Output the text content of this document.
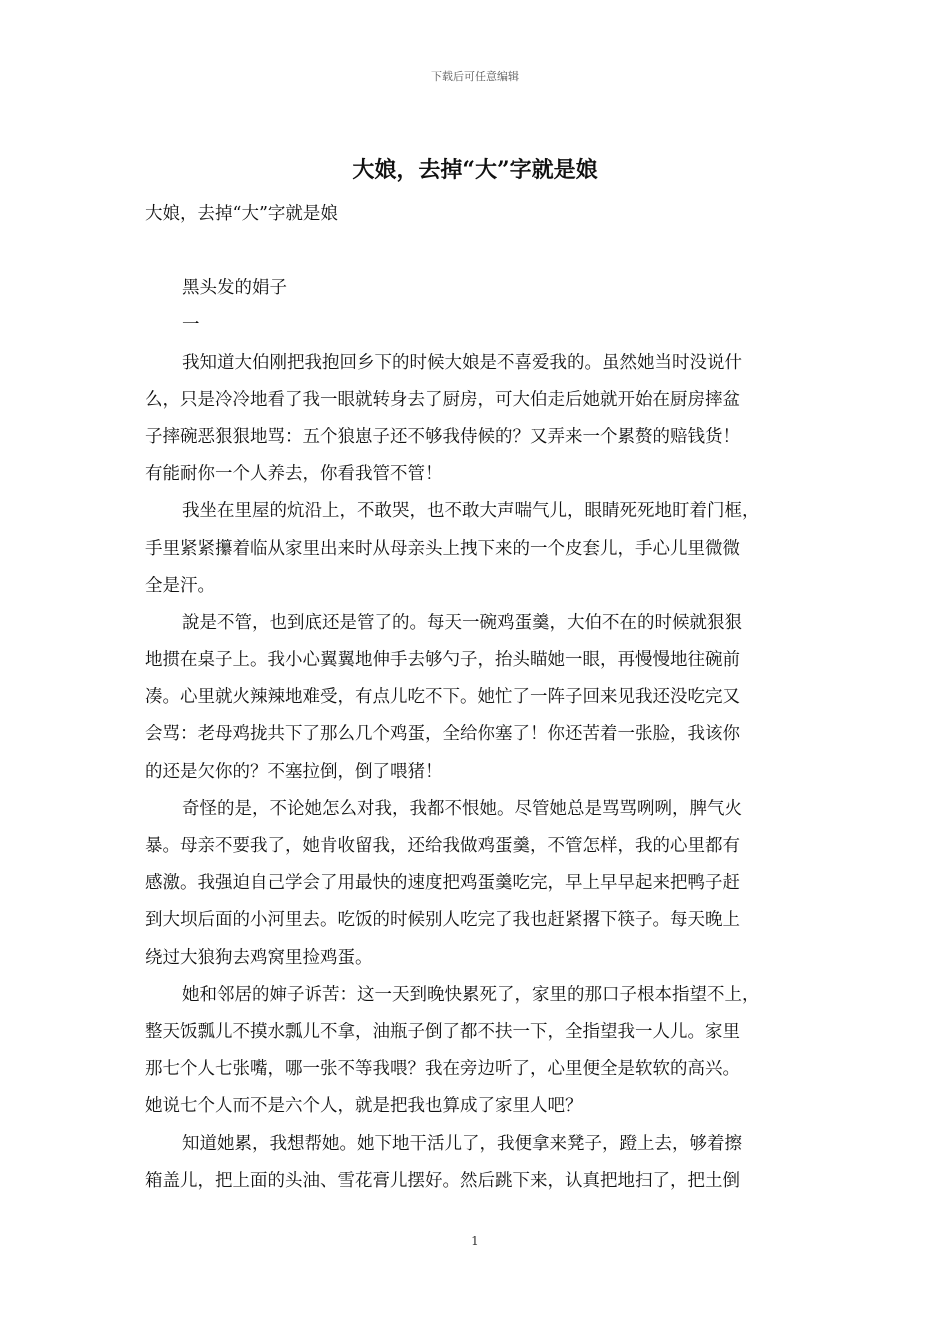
下载后可任意编辑
大娘，去掉“大”字就是娘
大娘，去掉“大”字就是娘
黑头发的娟子
一
我知道大伯刚把我抱回乡下的时候大娘是不喜爱我的。虽然她当时没说什
么，只是冷冷地看了我一眼就转身去了厨房，可大伯走后她就开始在厨房摔盆
子摔碗恶狠狠地骂：五个狼崽子还不够我侍候的？又弄来一个累赘的赔钱货！
有能耐你一个人养去，你看我管不管！
我坐在里屋的炕沿上，不敢哭，也不敢大声喘气儿，眼睛死死地盯着门框，
手里紧紧攥着临从家里出来时从母亲头上拽下来的一个皮套儿，手心儿里微微
全是汗。
說是不管，也到底还是管了的。每天一碗鸡蛋羹，大伯不在的时候就狠狠
地掼在桌子上。我小心翼翼地伸手去够勺子，抬头瞄她一眼，再慢慢地往碗前
凑。心里就火辣辣地难受，有点儿吃不下。她忙了一阵子回来见我还没吃完又
会骂：老母鸡拢共下了那么几个鸡蛋，全给你塞了！你还苦着一张脸，我该你
的还是欠你的？不塞拉倒，倒了喂猪！
奇怪的是，不论她怎么对我，我都不恨她。尽管她总是骂骂咧咧，脾气火
暴。母亲不要我了，她肯收留我，还给我做鸡蛋羹，不管怎样，我的心里都有
感激。我强迫自己学会了用最快的速度把鸡蛋羹吃完，早上早早起来把鸭子赶
到大坝后面的小河里去。吃饭的时候别人吃完了我也赶紧撂下筷子。每天晚上
绕过大狼狗去鸡窝里捡鸡蛋。
她和邻居的婶子诉苦：这一天到晚快累死了，家里的那口子根本指望不上，
整天饭瓢儿不摸水瓢儿不拿，油瓶子倒了都不扶一下，全指望我一人儿。家里
那七个人七张嘴，哪一张不等我喂？我在旁边听了，心里便全是软软的高兴。
她说七个人而不是六个人，就是把我也算成了家里人吧？
知道她累，我想帮她。她下地干活儿了，我便拿来凳子，蹬上去，够着擦
箱盖儿，把上面的头油、雪花膏儿摆好。然后跳下来，认真把地扫了，把土倒
1
